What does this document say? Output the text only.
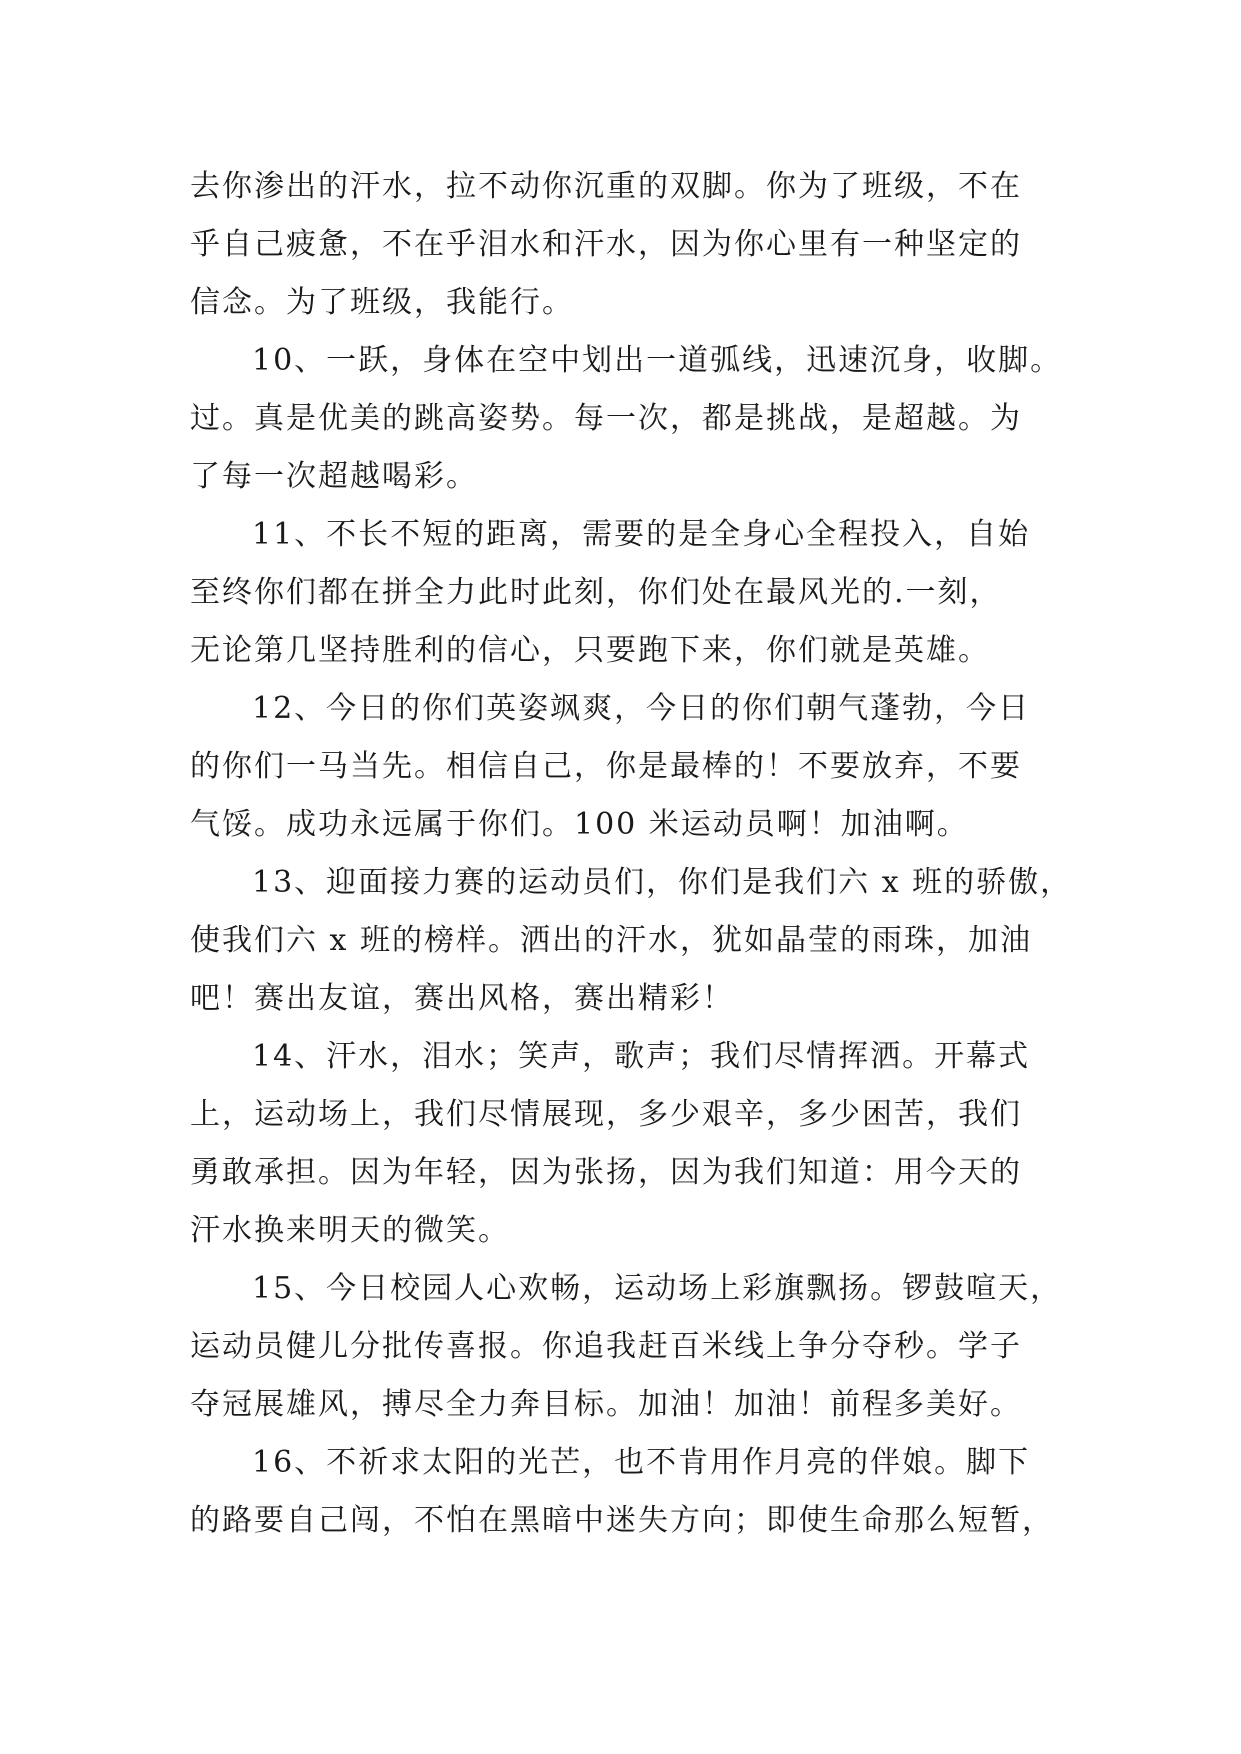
去你渗出的汗水，拉不动你沉重的双脚。你为了班级，不在
乎自己疲惫，不在乎泪水和汗水，因为你心里有一种坚定的
信念。为了班级，我能行。
10、一跃，身体在空中划出一道弧线，迅速沉身，收脚。
过。真是优美的跳高姿势。每一次，都是挑战，是超越。为
了每一次超越喝彩。
11、不长不短的距离，需要的是全身心全程投入，自始
至终你们都在拼全力此时此刻，你们处在最风光的.一刻，
无论第几坚持胜利的信心，只要跑下来，你们就是英雄。
12、今日的你们英姿飒爽，今日的你们朝气蓬勃，今日
的你们一马当先。相信自己，你是最棒的！不要放弃，不要
气馁。成功永远属于你们。100 米运动员啊！加油啊。
13、迎面接力赛的运动员们，你们是我们六 x 班的骄傲，
使我们六 x 班的榜样。洒出的汗水，犹如晶莹的雨珠，加油
吧！赛出友谊，赛出风格，赛出精彩！
14、汗水，泪水；笑声，歌声；我们尽情挥洒。开幕式
上，运动场上，我们尽情展现，多少艰辛，多少困苦，我们
勇敢承担。因为年轻，因为张扬，因为我们知道：用今天的
汗水换来明天的微笑。
15、今日校园人心欢畅，运动场上彩旗飘扬。锣鼓喧天，
运动员健儿分批传喜报。你追我赶百米线上争分夺秒。学子
夺冠展雄风，搏尽全力奔目标。加油！加油！前程多美好。
16、不祈求太阳的光芒，也不肯用作月亮的伴娘。脚下
的路要自己闯，不怕在黑暗中迷失方向；即使生命那么短暂，
